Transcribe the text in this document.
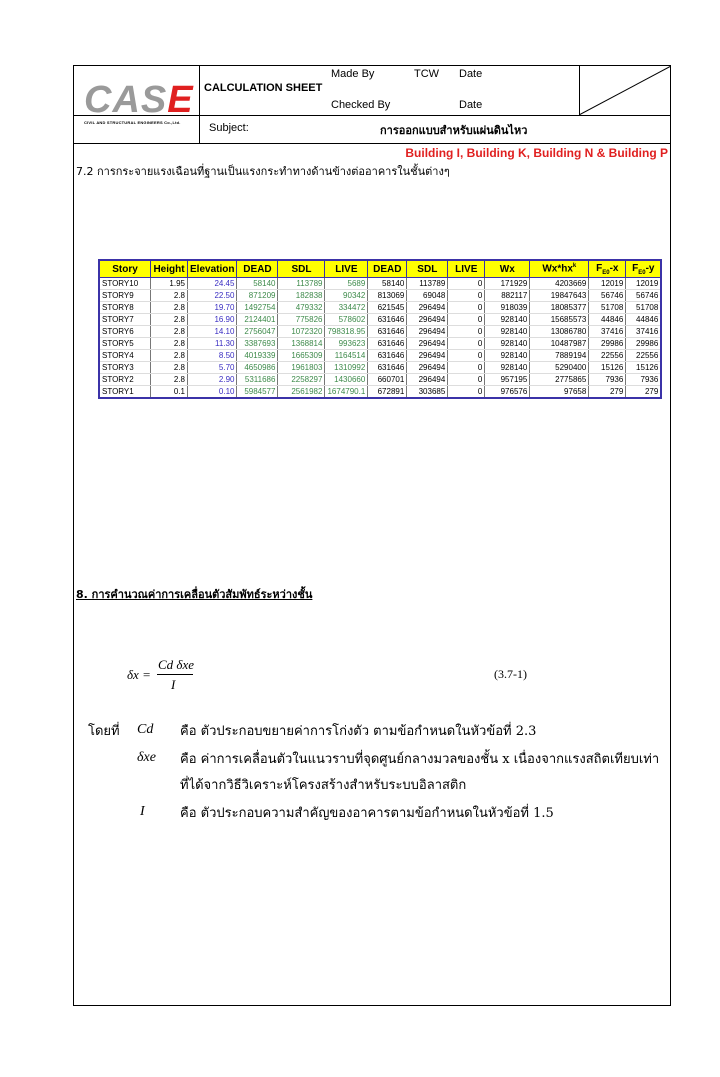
CASE
CIVIL AND STRUCTURAL ENGINEERS Co.,Ltd.
CALCULATION SHEET
Made By	TCW Date
Checked By	Date
Subject:	การออกแบบสำหรับแผ่นดินไหว
Building I, Building K, Building N & Building P
7.2 การกระจายแรงเฉือนที่ฐานเป็นแรงกระทำทางด้านข้างต่ออาคารในชั้นต่างๆ
Story	Height	Elevation	DEAD	SDL	LIVE	DEAD	SDL	LIVE	Wx	$Wx*hx^k$	$F_{E0}-x$	$F_{E0}-y$
STORY10	1.95	24.45	58140	113789	5689	58140	113789	0	171929	4203669	12019	12019
STORY9	2.8	22.50	871209	182838	90342	813069	69048	0	882117	19847643	56746	56746
STORY8	2.8	19.70	1492754	479332	334472	621545	296494	0	918039	18085377	51708	51708
STORY7	2.8	16.90	2124401	775826	578602	631646	296494	0	928140	15685573	44846	44846
STORY6	2.8	14.10	2756047	1072320	798318.95	631646	296494	0	928140	13086780	37416	37416
STORY5	2.8	11.30	3387693	1368814	993623	631646	296494	0	928140	10487987	29986	29986
STORY4	2.8	8.50	4019339	1665309	1164514	631646	296494	0	928140	7889194	22556	22556
STORY3	2.8	5.70	4650986	1961803	1310992	631646	296494	0	928140	5290400	15126	15126
STORY2	2.8	2.90	5311686	2258297	1430660	660701	296494	0	957195	2775865	7936	7936
STORY1	0.1	0.10	5984577	2561982	1674790.1	672891	303685	0	976576	97658	279	279
8. การคำนวณค่าการเคลื่อนตัวสัมพัทธ์ระหว่างชั้น
δx =
Cd δxe
I
(3.7-1)
โดยที่ Cd คือ ตัวประกอบขยายค่าการโก่งตัว ตามข้อกำหนดในหัวข้อที่ 2.3
δxe คือ ค่าการเคลื่อนตัวในแนวราบที่จุดศูนย์กลางมวลของชั้น x เนื่องจากแรงสถิตเทียบเท่า
ที่ได้จากวิธีวิเคราะห์โครงสร้างสำหรับระบบอิลาสติก
I	คือ ตัวประกอบความสำคัญของอาคารตามข้อกำหนดในหัวข้อที่ 1.5
